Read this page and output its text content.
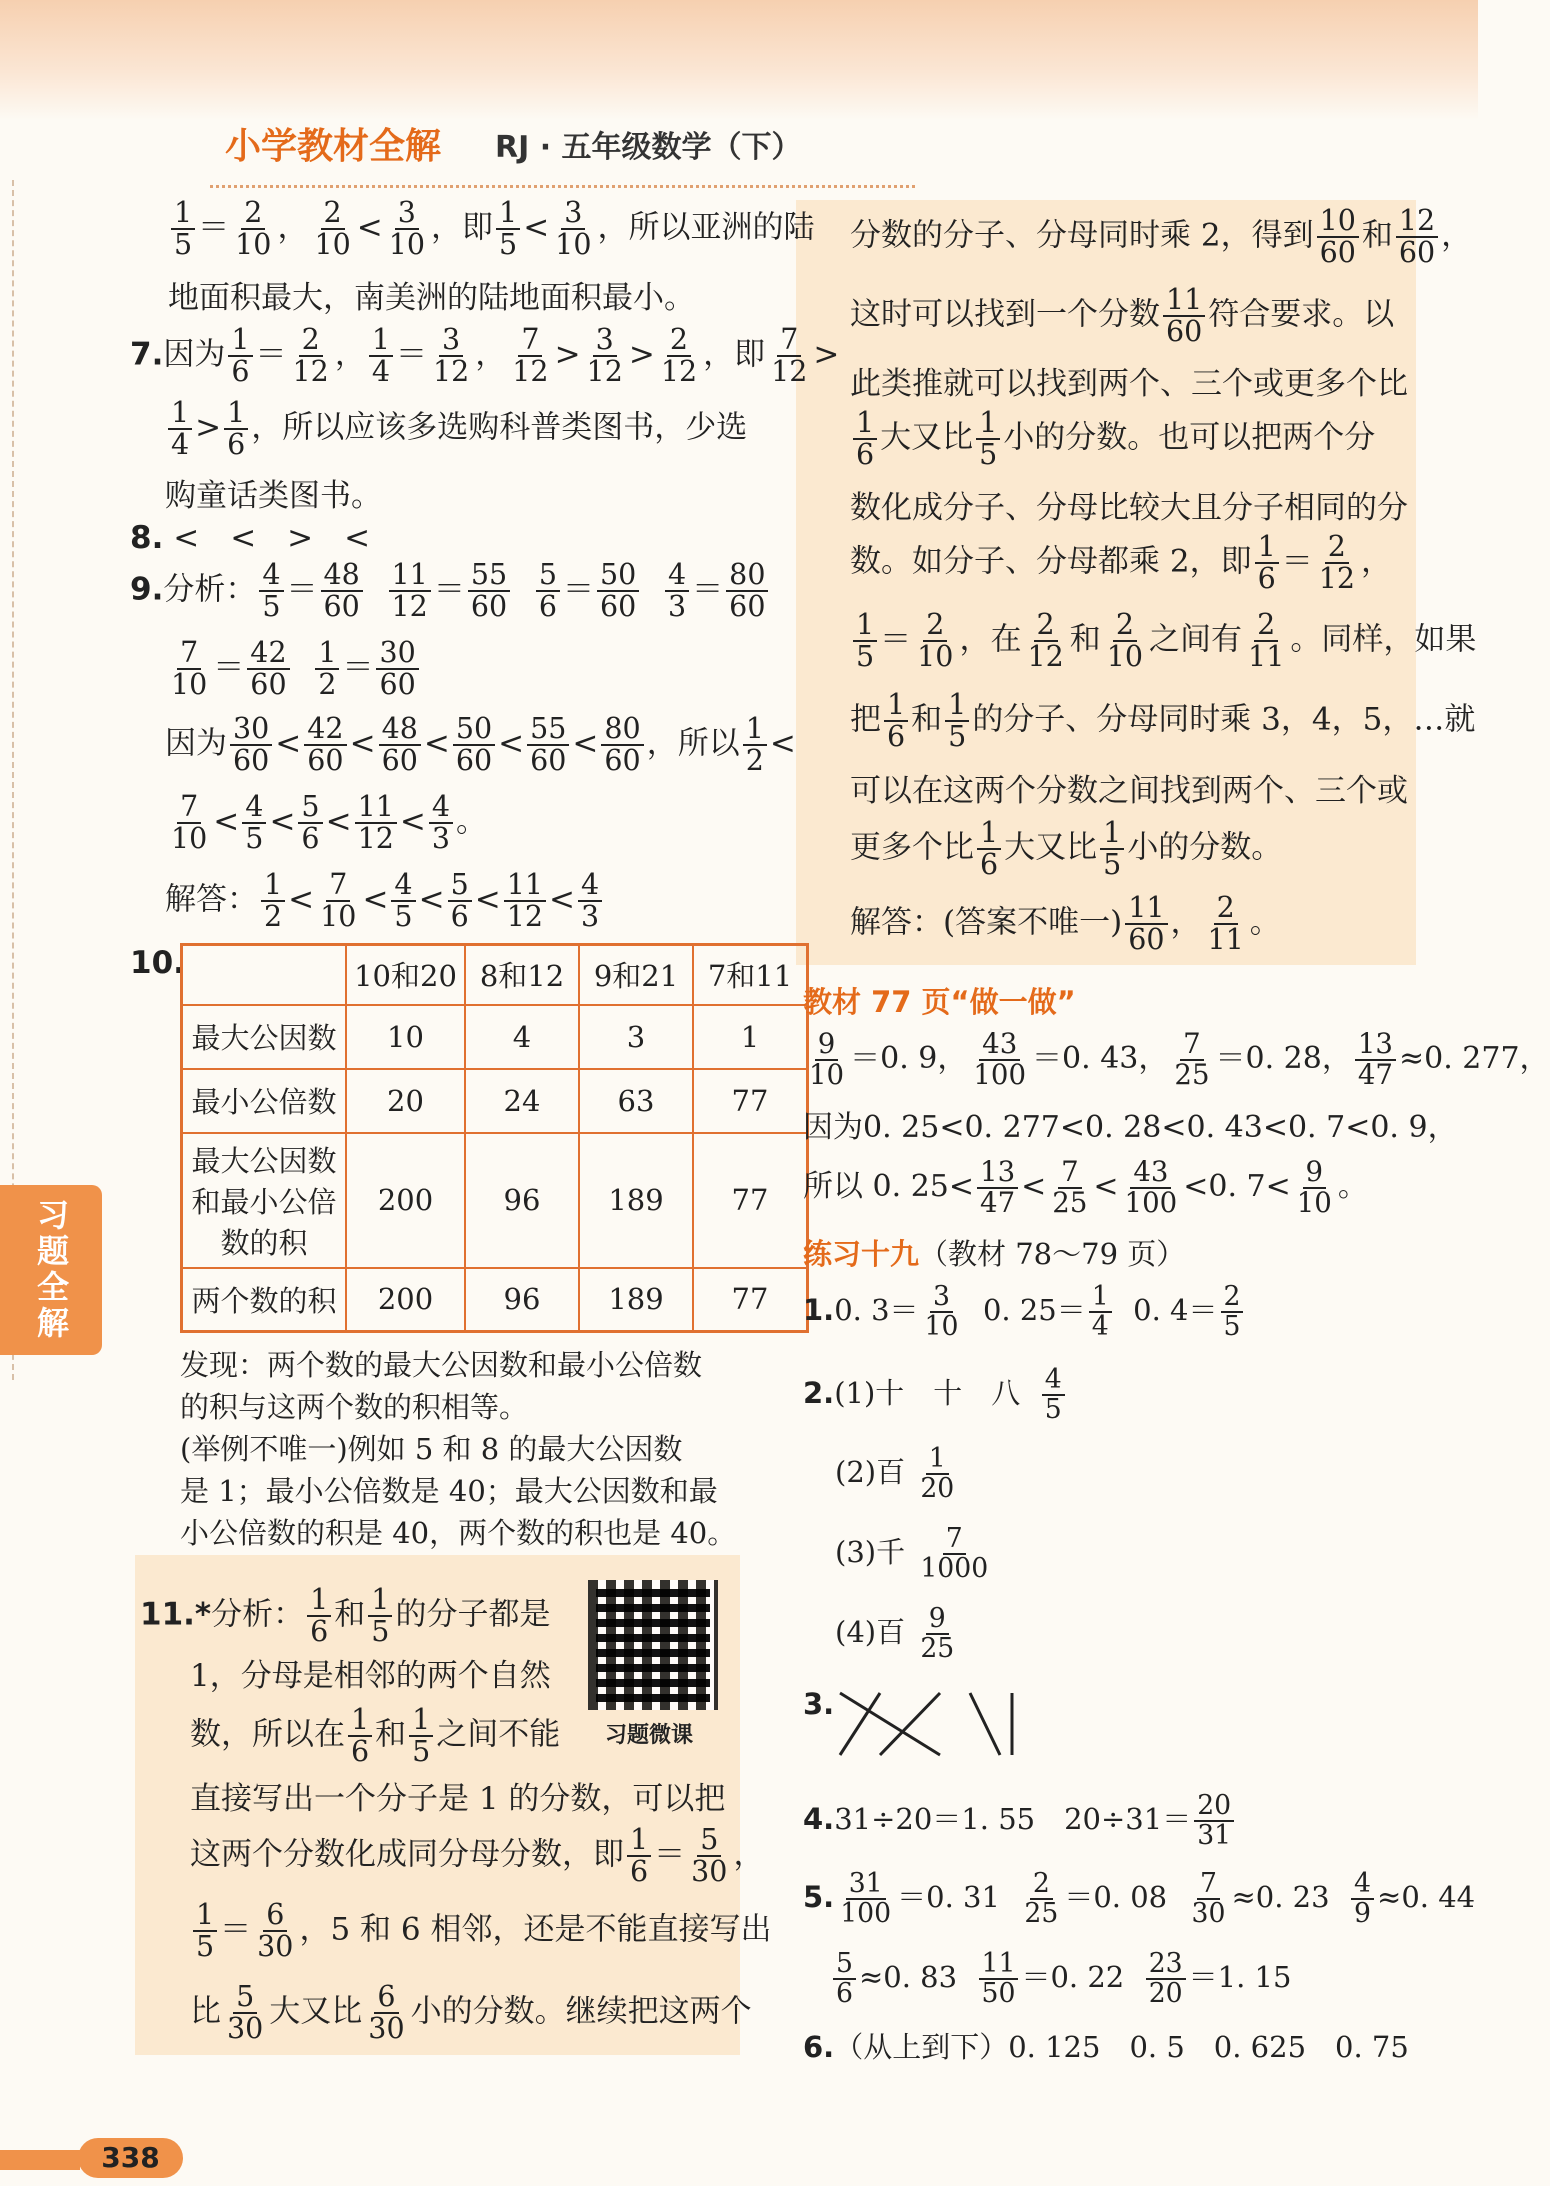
小学教材全解 RJ · 五年级数学（下）
习题全解
$\frac{1}{5} = \frac{2}{10}$ ， $\frac{2}{10} < \frac{3}{10}$ ，即 $\frac{1}{5} < \frac{3}{10}$ ，所以亚洲的陆
地面积最大，南美洲的陆地面积最小。
7.因为 $\frac{1}{6} = \frac{2}{12}$ ， $\frac{1}{4} = \frac{3}{12}$ ， $\frac{7}{12} > \frac{3}{12} > \frac{2}{12}$ ，即 $\frac{7}{12}$ >
$\frac{1}{4} > \frac{1}{6}$ ，所以应该多选购科普类图书，少选
购童话类图书。
8. <　<　>　<
9.分析： $\frac{4}{5} = \frac{48}{60}$
$\frac{11}{12} = \frac{55}{60}$
$\frac{5}{6} = \frac{50}{60}$
$\frac{4}{3} = \frac{80}{60}$
$\frac{7}{10} = \frac{42}{60}$
$\frac{1}{2} = \frac{30}{60}$
因为 $\frac{30}{60} < \frac{42}{60} < \frac{48}{60} < \frac{50}{60} < \frac{55}{60} < \frac{80}{60}$ ，所以 $\frac{1}{2}$ <
$\frac{7}{10} < \frac{4}{5} < \frac{5}{6} < \frac{11}{12} < \frac{4}{3}$ 。
解答： $\frac{1}{2} < \frac{7}{10} < \frac{4}{5} < \frac{5}{6} < \frac{11}{12} < \frac{4}{3}$
10.
		10和20	8和12	9和21	7和11
最大公因数	10	4	3	1
最小公倍数	20	24	63	77
最大公因数和最小公倍数的积	200	96	189	77
两个数的积	200	96	189	77
发现：两个数的最大公因数和最小公倍数
的积与这两个数的积相等。
(举例不唯一)例如 5 和 8 的最大公因数
是 1；最小公倍数是 40；最大公因数和最
小公倍数的积是 40，两个数的积也是 40。
11.*分析： $\frac{1}{6}$ 和 $\frac{1}{5}$ 的分子都是
1，分母是相邻的两个自然
数，所以在 $\frac{1}{6}$ 和 $\frac{1}{5}$ 之间不能
直接写出一个分子是 1 的分数，可以把
这两个分数化成同分母分数，即 $\frac{1}{6} = \frac{5}{30}$ ，
$\frac{1}{5} = \frac{6}{30}$ ，5 和 6 相邻，还是不能直接写出
比 $\frac{5}{30}$ 大又比 $\frac{6}{30}$ 小的分数。继续把这两个
习题微课
分数的分子、分母同时乘 2，得到 $\frac{10}{60}$ 和 $\frac{12}{60}$ ，
这时可以找到一个分数 $\frac{11}{60}$ 符合要求。以
此类推就可以找到两个、三个或更多个比
$\frac{1}{6}$ 大又比 $\frac{1}{5}$ 小的分数。也可以把两个分
数化成分子、分母比较大且分子相同的分
数。如分子、分母都乘 2，即 $\frac{1}{6} = \frac{2}{12}$ ，
$\frac{1}{5} = \frac{2}{10}$ ，在 $\frac{2}{12}$ 和 $\frac{2}{10}$ 之间有 $\frac{2}{11}$ 。同样，如果
把 $\frac{1}{6}$ 和 $\frac{1}{5}$ 的分子、分母同时乘 3，4，5，…就
可以在这两个分数之间找到两个、三个或
更多个比 $\frac{1}{6}$ 大又比 $\frac{1}{5}$ 小的分数。
解答：(答案不唯一) $\frac{11}{60}$ ， $\frac{2}{11}$ 。
教材 77 页“做一做”
$\frac{9}{10} =0$. 9， $\frac{43}{100} =0$. 43， $\frac{7}{25} =0$. 28， $\frac{13}{47} \approx 0$. 277，
因为0. 25<0. 277<0. 28<0. 43<0. 7<0. 9，
所以 0. $25< \frac{13}{47} < \frac{7}{25} < \frac{43}{100} <0$. $7< \frac{9}{10}$ 。
练习十九（教材 78～79 页）
1.0. $3= \frac{3}{10} 0$. $25= \frac{1}{4} 0$. $4= \frac{2}{5}$
2.(1)十　十　八 $\frac{4}{5}$
(2)百 $\frac{1}{20}$
(3)千 $\frac{7}{1000}$
(4)百 $\frac{9}{25}$
3.
4.31÷20＝1. 55　$20\div 31= \frac{20}{31}$
5. $\frac{31}{100} =0$. $31 \frac{2}{25} =0$. $08 \frac{7}{30} \approx 0$. $23 \frac{4}{9} \approx 0$. 44
$\frac{5}{6} \approx 0$. $83 \frac{11}{50} =0$. $22 \frac{23}{20} =1$. 15
6.（从上到下）0. 125　0. 5　0. 625　0. 75
338
